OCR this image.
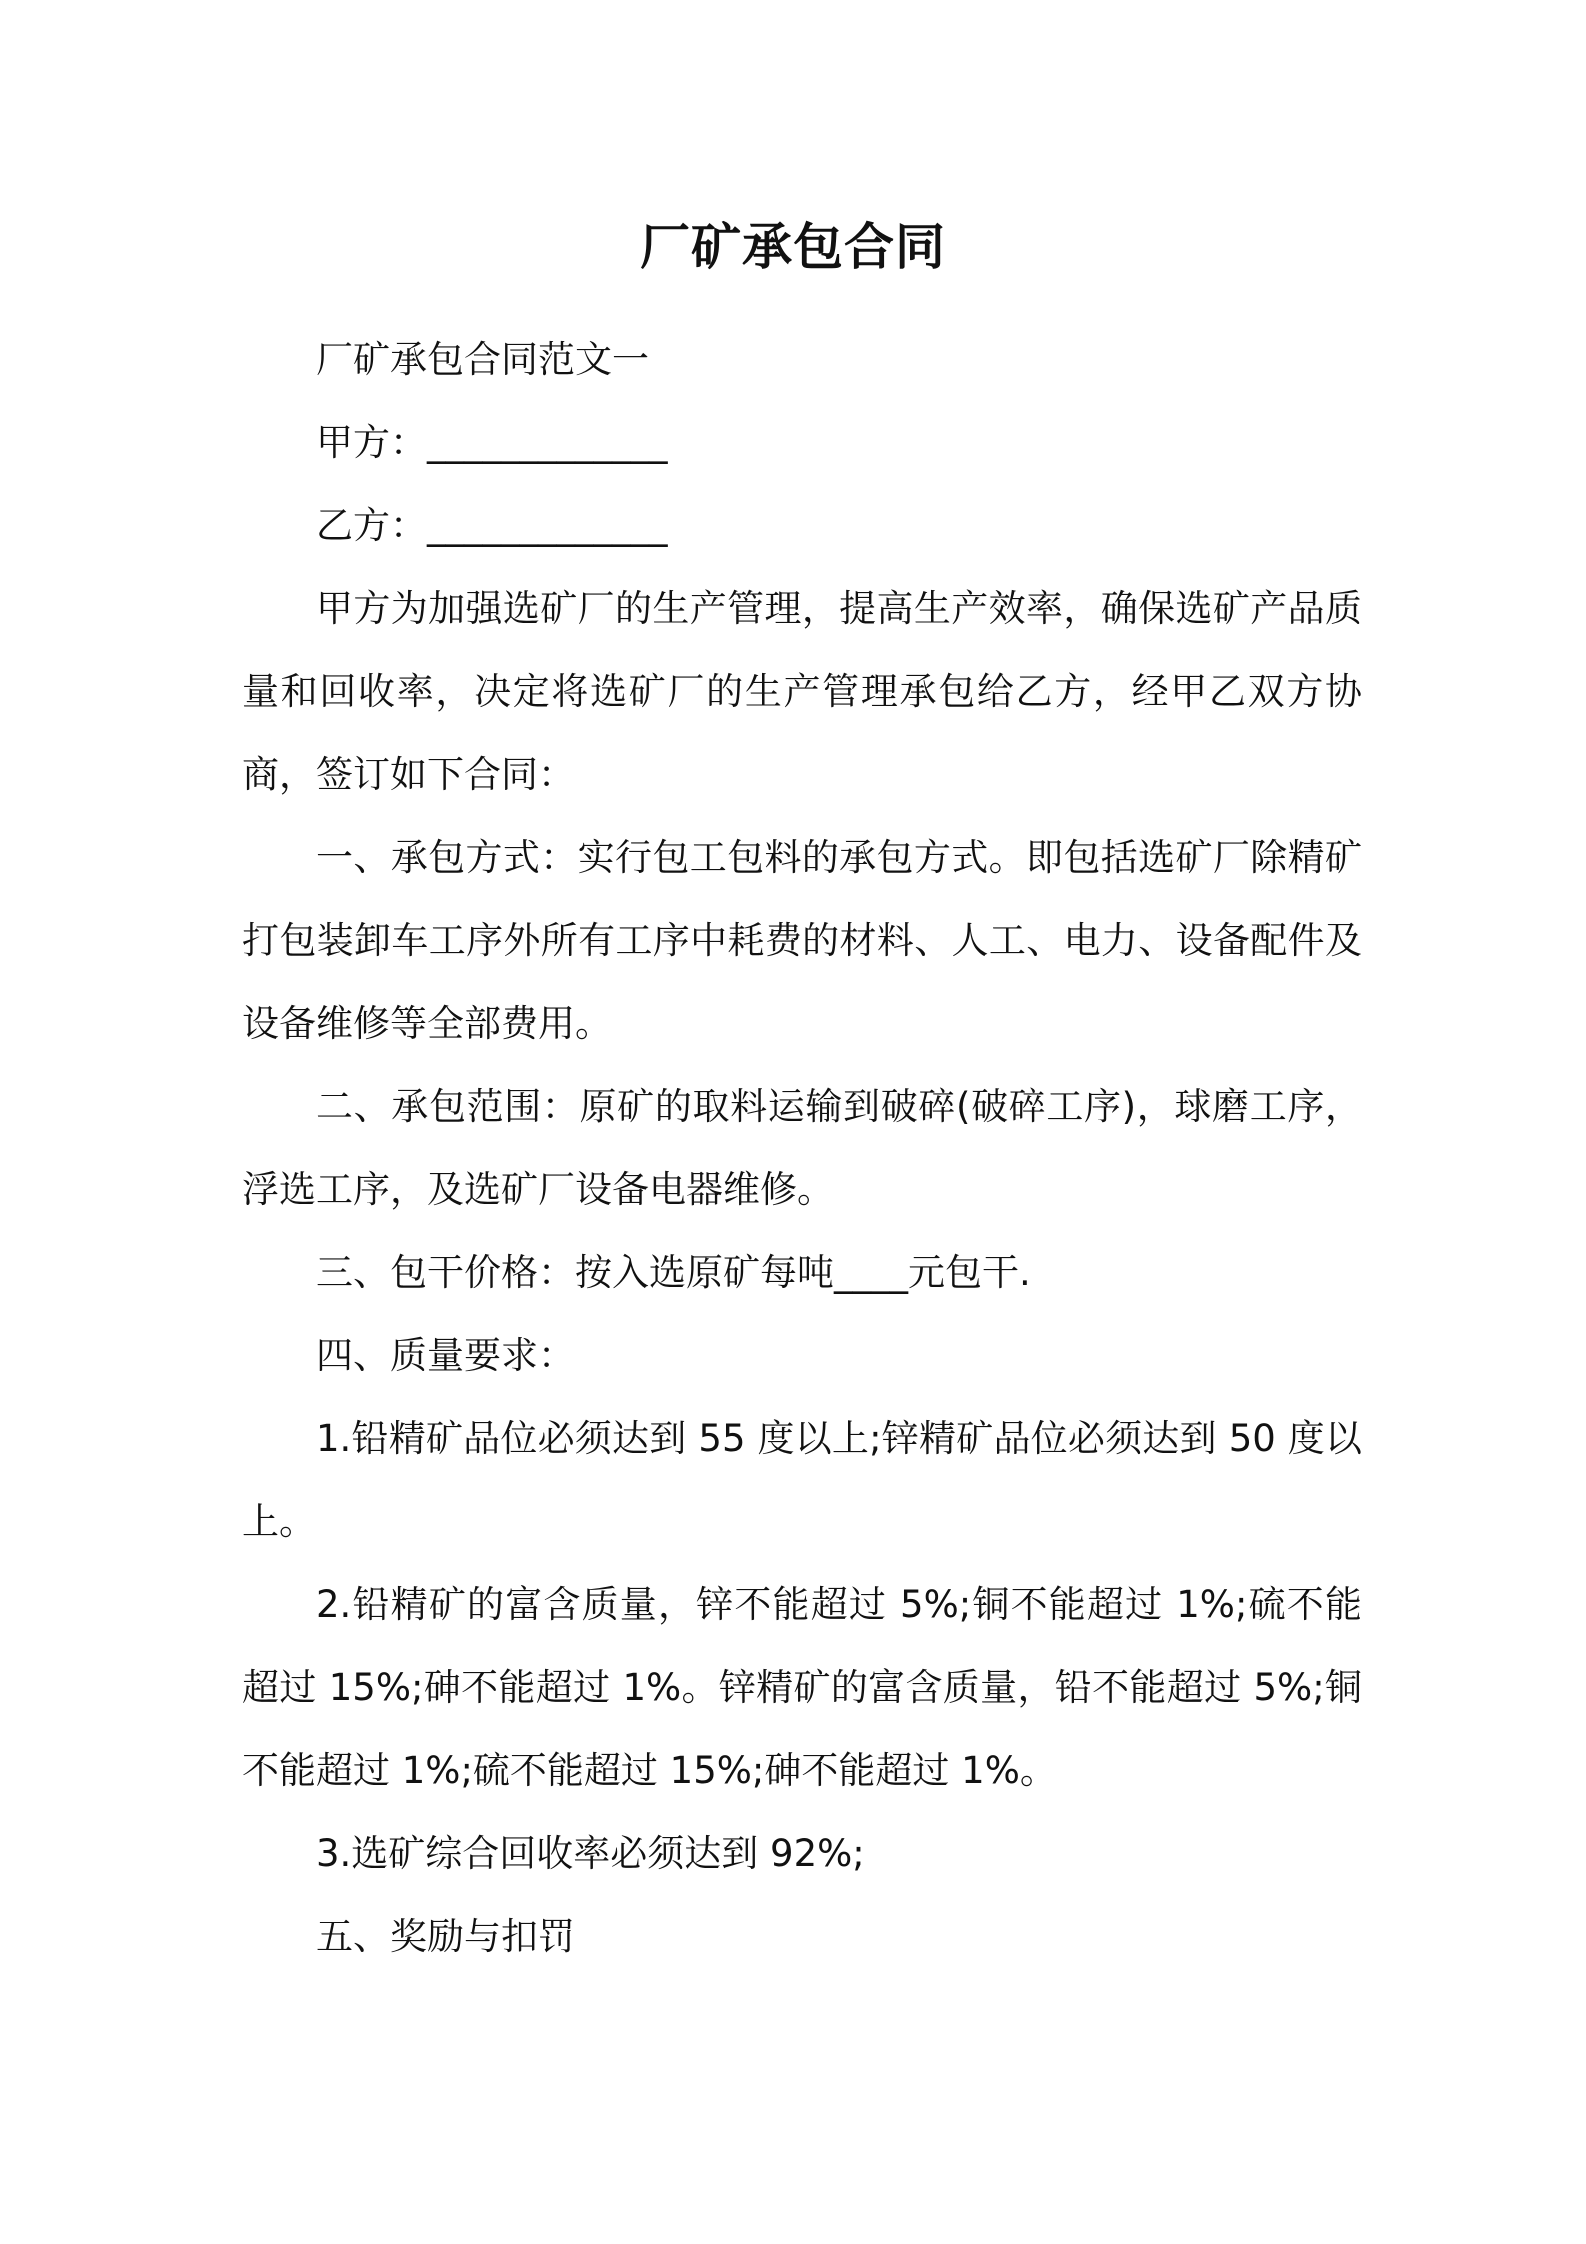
厂矿承包合同

厂矿承包合同范文一

甲方：_____________

乙方：_____________

甲方为加强选矿厂的生产管理，提高生产效率，确保选矿产品质量和回收率，决定将选矿厂的生产管理承包给乙方，经甲乙双方协商，签订如下合同：

一、承包方式：实行包工包料的承包方式。即包括选矿厂除精矿打包装卸车工序外所有工序中耗费的材料、人工、电力、设备配件及设备维修等全部费用。

二、承包范围：原矿的取料运输到破碎(破碎工序)，球磨工序，浮选工序，及选矿厂设备电器维修。

三、包干价格：按入选原矿每吨____元包干.

四、质量要求：

1.铅精矿品位必须达到 55 度以上;锌精矿品位必须达到 50 度以上。

2.铅精矿的富含质量，锌不能超过 5%;铜不能超过 1%;硫不能超过 15%;砷不能超过 1%。锌精矿的富含质量，铅不能超过 5%;铜不能超过 1%;硫不能超过 15%;砷不能超过 1%。

3.选矿综合回收率必须达到 92%;

五、奖励与扣罚
